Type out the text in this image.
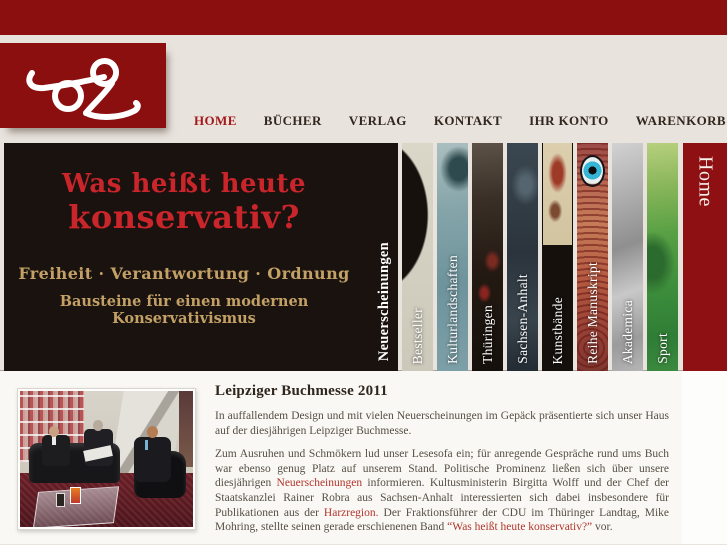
HOME BÜCHER VERLAG KONTAKT IHR KONTO WARENKORB
Was heißt heute
konservativ?
Freiheit · Verantwortung · Ordnung
Bausteine für einen modernen
Konservativismus	Neuerscheinungen Bestseller Kulturlandschaften Thüringen Sachsen-Anhalt Kunstbände Reihe Manuskript Akademica Sport
Home
Leipziger Buchmesse 2011

In auffallendem Design und mit vielen Neuerscheinungen im Gepäck präsentierte sich unser Haus auf der diesjährigen Leipziger Buchmesse.

Zum Ausruhen und Schmökern lud unser Lesesofa ein; für anregende Gespräche rund ums Buch war ebenso genug Platz auf unserem Stand. Politische Prominenz ließen sich über unsere diesjährigen Neuerscheinungen informieren. Kultusministerin Birgitta Wolff und der Chef der Staatskanzlei Rainer Robra aus Sachsen-Anhalt interessierten sich dabei insbesondere für Publikationen aus der Harzregion. Der Fraktionsführer der CDU im Thüringer Landtag, Mike Mohring, stellte seinen gerade erschienenen Band “Was heißt heute konservativ?” vor.
